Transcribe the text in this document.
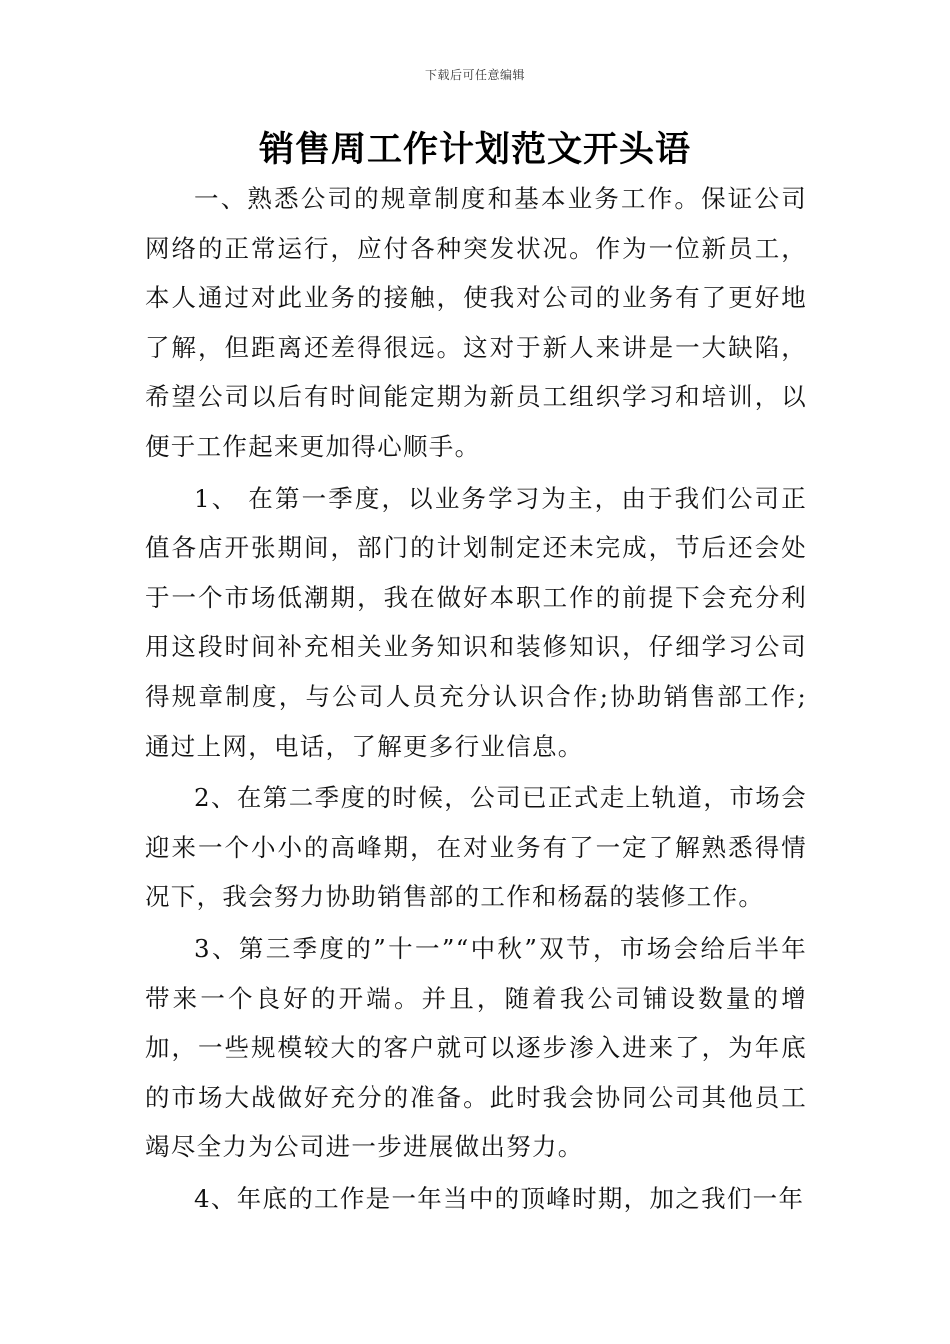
下载后可任意编辑
销售周工作计划范文开头语

一、熟悉公司的规章制度和基本业务工作。保证公司网络的正常运行，应付各种突发状况。作为一位新员工，本人通过对此业务的接触，使我对公司的业务有了更好地了解，但距离还差得很远。这对于新人来讲是一大缺陷，希望公司以后有时间能定期为新员工组织学习和培训，以便于工作起来更加得心顺手。

1、 在第一季度，以业务学习为主，由于我们公司正值各店开张期间，部门的计划制定还未完成，节后还会处于一个市场低潮期，我在做好本职工作的前提下会充分利用这段时间补充相关业务知识和装修知识，仔细学习公司得规章制度，与公司人员充分认识合作;协助销售部工作;通过上网，电话，了解更多行业信息。

2、在第二季度的时候，公司已正式走上轨道，市场会迎来一个小小的高峰期，在对业务有了一定了解熟悉得情况下，我会努力协助销售部的工作和杨磊的装修工作。

3、第三季度的”十一”“中秋”双节，市场会给后半年带来一个良好的开端。并且，随着我公司铺设数量的增加，一些规模较大的客户就可以逐步渗入进来了，为年底的市场大战做好充分的准备。此时我会协同公司其他员工竭尽全力为公司进一步进展做出努力。

4、年底的工作是一年当中的顶峰时期，加之我们一年
